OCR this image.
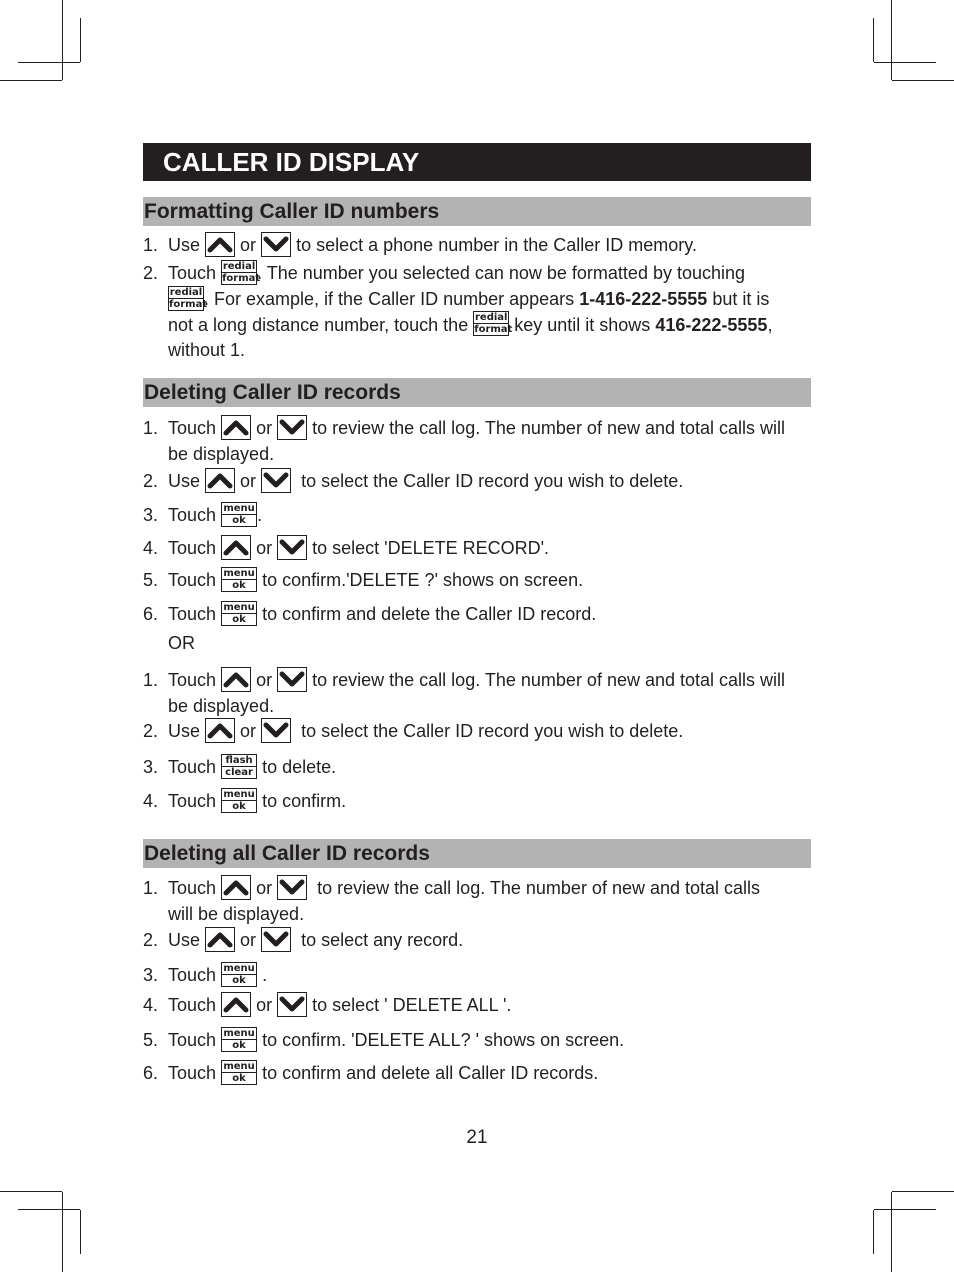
CALLER ID DISPLAY
Formatting Caller ID numbers
1. Use or to select a phone number in the Caller ID memory.
2. Touch redial
format
. The number you selected can now be formatted by touching

redial
format
. For example, if the Caller ID number appears 1-416-222-5555 but it is
not a long distance number, touch the redial
format key until it shows 416-222-5555,
without 1.
Deleting Caller ID records
1. Touch or to review the call log. The number of new and total calls will
be displayed.
2. Use or	to select the Caller ID record you wish to delete.
3. Touch menu
ok .
4. Touch or to select 'DELETE RECORD'.
5. Touch menu
ok to confirm.'DELETE ?' shows on screen.
6. Touch menu
ok to confirm and delete the Caller ID record.
OR
1. Touch or to review the call log. The number of new and total calls will
be displayed.
2. Use or	to select the Caller ID record you wish to delete.
3. Touch flash
clear to delete.
4. Touch menu
ok to confirm.
Deleting all Caller ID records
1. Touch or	to review the call log. The number of new and total calls
will be displayed.
2. Use or	to select any record.
3. Touch menu
ok .
4. Touch or to select ' DELETE ALL '.
5. Touch menu
ok to confirm. 'DELETE ALL? ' shows on screen.
6. Touch menu
ok to confirm and delete all Caller ID records.
21
